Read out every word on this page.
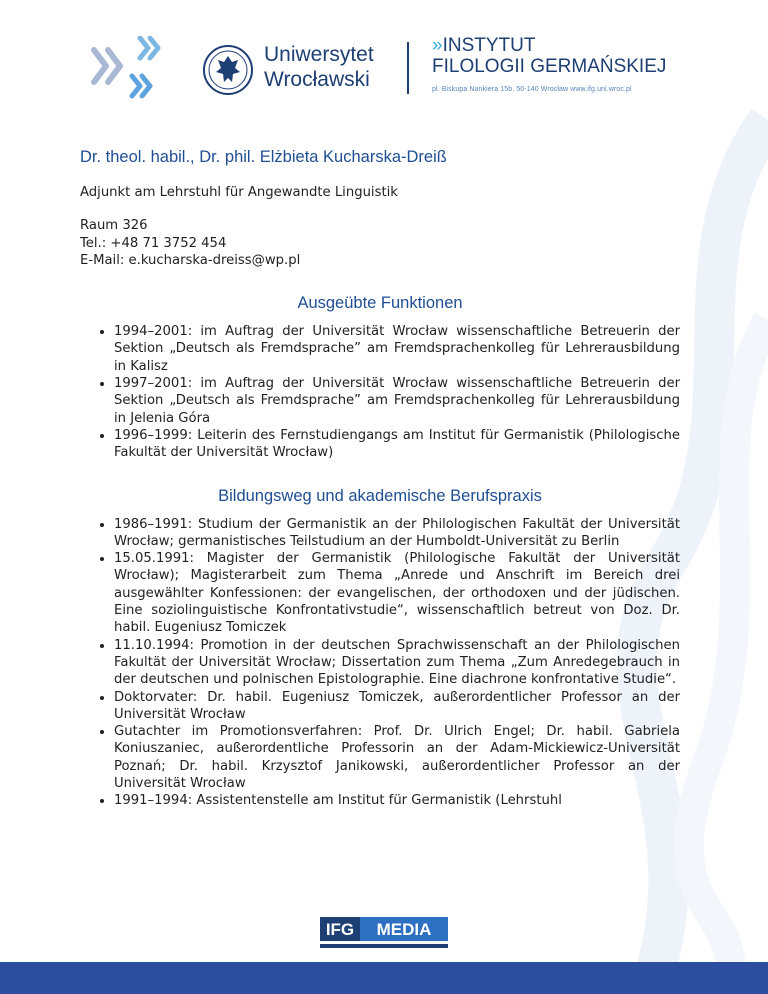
Uniwersytet
Wrocławski
»INSTYTUT
FILOLOGII GERMAŃSKIEJ
pl. Biskupa Nankiera 15b, 50-140 Wrocław www.ifg.uni.wroc.pl
Dr. theol. habil., Dr. phil. Elżbieta Kucharska-Dreiß
Adjunkt am Lehrstuhl für Angewandte Linguistik
Raum 326
Tel.: +48 71 3752 454
E-Mail: e.kucharska-dreiss@wp.pl
Ausgeübte Funktionen
• 1994–2001: im Auftrag der Universität Wrocław wissenschaftliche Betreuerin der Sektion „Deutsch als Fremdsprache” am Fremdsprachenkolleg für Lehrerausbildung in Kalisz
• 1997–2001: im Auftrag der Universität Wrocław wissenschaftliche Betreuerin der Sektion „Deutsch als Fremdsprache” am Fremdsprachenkolleg für Lehrerausbildung in Jelenia Góra
• 1996–1999: Leiterin des Fernstudiengangs am Institut für Germanistik (Philologische Fakultät der Universität Wrocław)
Bildungsweg und akademische Berufspraxis
• 1986–1991: Studium der Germanistik an der Philologischen Fakultät der Universität Wrocław; germanistisches Teilstudium an der Humboldt-Universität zu Berlin
• 15.05.1991: Magister der Germanistik (Philologische Fakultät der Universität Wrocław); Magisterarbeit zum Thema „Anrede und Anschrift im Bereich drei ausgewählter Konfessionen: der evangelischen, der orthodoxen und der jüdischen. Eine soziolinguistische Konfrontativstudie“, wissenschaftlich betreut von Doz. Dr. habil. Eugeniusz Tomiczek
• 11.10.1994: Promotion in der deutschen Sprachwissenschaft an der Philologischen Fakultät der Universität Wrocław; Dissertation zum Thema „Zum Anredegebrauch in der deutschen und polnischen Epistolographie. Eine diachrone konfrontative Studie“.
• Doktorvater: Dr. habil. Eugeniusz Tomiczek, außerordentlicher Professor an der Universität Wrocław
• Gutachter im Promotionsverfahren: Prof. Dr. Ulrich Engel; Dr. habil. Gabriela Koniuszaniec, außerordentliche Professorin an der Adam-Mickiewicz-Universität Poznań; Dr. habil. Krzysztof Janikowski, außerordentlicher Professor an der Universität Wrocław
• 1991–1994: Assistentenstelle am Institut für Germanistik (Lehrstuhl
IFG MEDIA
